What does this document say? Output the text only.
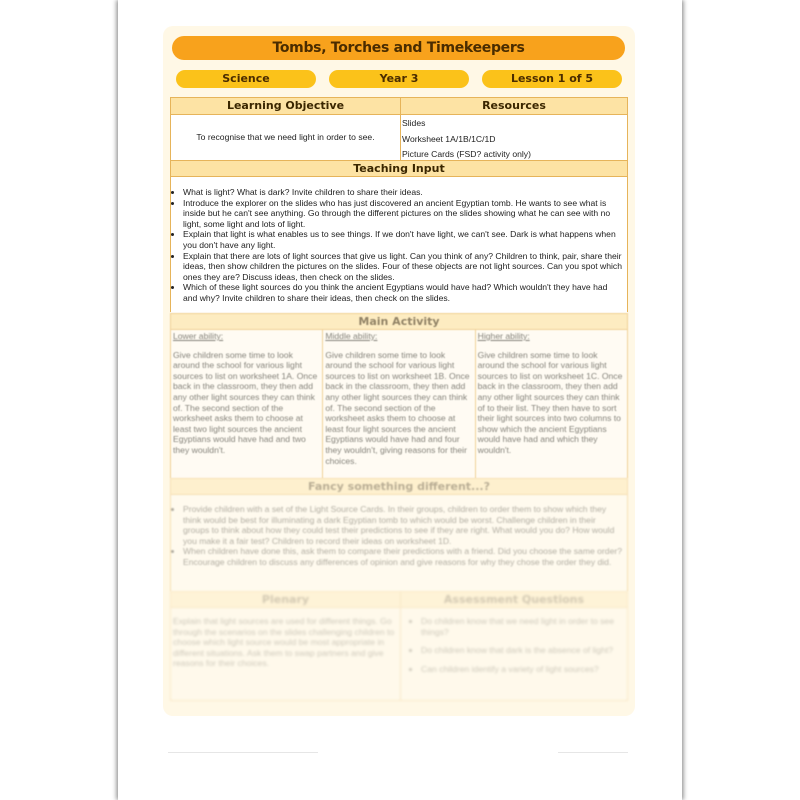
Tombs, Torches and Timekeepers
Science	Year 3	Lesson 1 of 5
Learning Objective
To recognise that we need light in order to see.
Resources
Slides
Worksheet 1A/1B/1C/1D
Picture Cards (FSD? activity only)
Teaching Input
• What is light? What is dark? Invite children to share their ideas.
• Introduce the explorer on the slides who has just discovered an ancient Egyptian tomb. He wants to see what is inside but he can't see anything. Go through the different pictures on the slides showing what he can see with no light, some light and lots of light.
• Explain that light is what enables us to see things. If we don't have light, we can't see. Dark is what happens when you don't have any light.
• Explain that there are lots of light sources that give us light. Can you think of any? Children to think, pair, share their ideas, then show children the pictures on the slides. Four of these objects are not light sources. Can you spot which ones they are? Discuss ideas, then check on the slides.
• Which of these light sources do you think the ancient Egyptians would have had? Which wouldn't they have had and why? Invite children to share their ideas, then check on the slides.
Main Activity
Lower ability:
Give children some time to look around the school for various light sources to list on worksheet 1A. Once back in the classroom, they then add any other light sources they can think of. The second section of the worksheet asks them to choose at least two light sources the ancient Egyptians would have had and two they wouldn't.
Middle ability:
Give children some time to look around the school for various light sources to list on worksheet 1B. Once back in the classroom, they then add any other light sources they can think of. The second section of the worksheet asks them to choose at least four light sources the ancient Egyptians would have had and four they wouldn't, giving reasons for their choices.
Higher ability:
Give children some time to look around the school for various light sources to list on worksheet 1C. Once back in the classroom, they then add any other light sources they can think of to their list. They then have to sort their light sources into two columns to show which the ancient Egyptians would have had and which they wouldn't.
Fancy something different...?
• Provide children with a set of the Light Source Cards. In their groups, children to order them to show which they think would be best for illuminating a dark Egyptian tomb to which would be worst. Challenge children in their groups to think about how they could test their predictions to see if they are right. What would you do? How would you make it a fair test? Children to record their ideas on worksheet 1D.
• When children have done this, ask them to compare their predictions with a friend. Did you choose the same order? Encourage children to discuss any differences of opinion and give reasons for why they chose the order they did.
Plenary
Explain that light sources are used for different things. Go through the scenarios on the slides challenging children to choose which light source would be most appropriate in different situations. Ask them to swap partners and give reasons for their choices.
Assessment Questions
• Do children know that we need light in order to see things?
• Do children know that dark is the absence of light?
• Can children identify a variety of light sources?
